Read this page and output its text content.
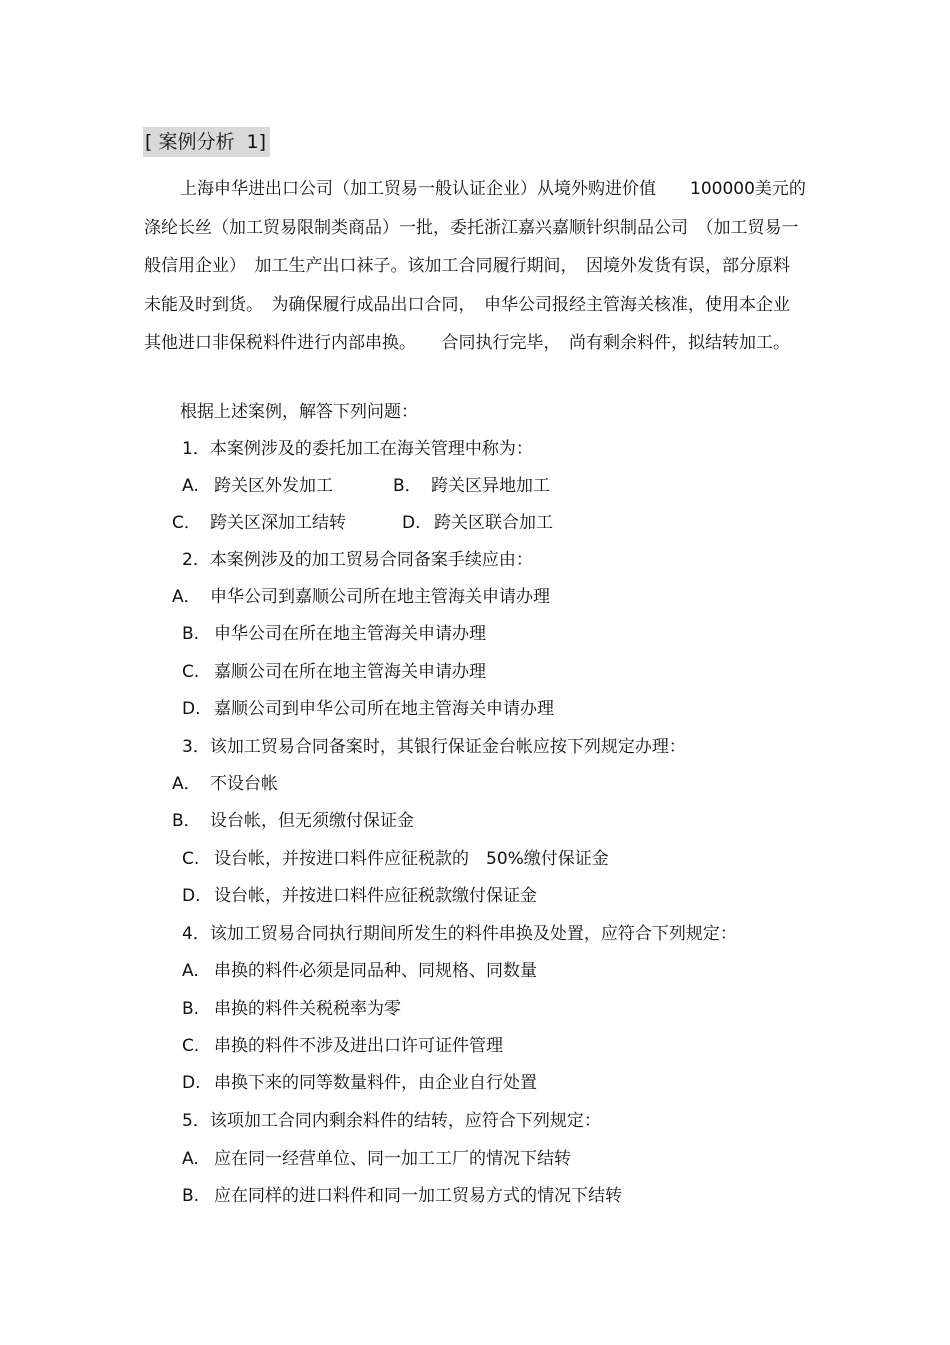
[ 案例分析  1]
上海申华进出口公司（加工贸易一般认证企业）从境外购进价值　　100000美元的涤纶长丝（加工贸易限制类商品）一批，委托浙江嘉兴嘉顺针织制品公司　（加工贸易一般信用企业）　加工生产出口袜子。该加工合同履行期间，　因境外发货有误，部分原料未能及时到货。　为确保履行成品出口合同，　申华公司报经主管海关核准，使用本企业其他进口非保税料件进行内部串换。　　合同执行完毕，　尚有剩余料件，拟结转加工。
根据上述案例，解答下列问题：
1．本案例涉及的委托加工在海关管理中称为：
A. 跨关区外发加工	B． 跨关区异地加工
C． 跨关区深加工结转	D. 跨关区联合加工
2．本案例涉及的加工贸易合同备案手续应由：
A． 申华公司到嘉顺公司所在地主管海关申请办理
B. 申华公司在所在地主管海关申请办理
C. 嘉顺公司在所在地主管海关申请办理
D. 嘉顺公司到申华公司所在地主管海关申请办理
3．该加工贸易合同备案时，其银行保证金台帐应按下列规定办理：
A． 不设台帐
B． 设台帐，但无须缴付保证金
C. 设台帐，并按进口料件应征税款的　50%缴付保证金
D. 设台帐，并按进口料件应征税款缴付保证金
4．该加工贸易合同执行期间所发生的料件串换及处置，应符合下列规定：
A. 串换的料件必须是同品种、同规格、同数量
B. 串换的料件关税税率为零
C. 串换的料件不涉及进出口许可证件管理
D. 串换下来的同等数量料件，由企业自行处置
5．该项加工合同内剩余料件的结转，应符合下列规定：
A. 应在同一经营单位、同一加工工厂的情况下结转
B. 应在同样的进口料件和同一加工贸易方式的情况下结转
